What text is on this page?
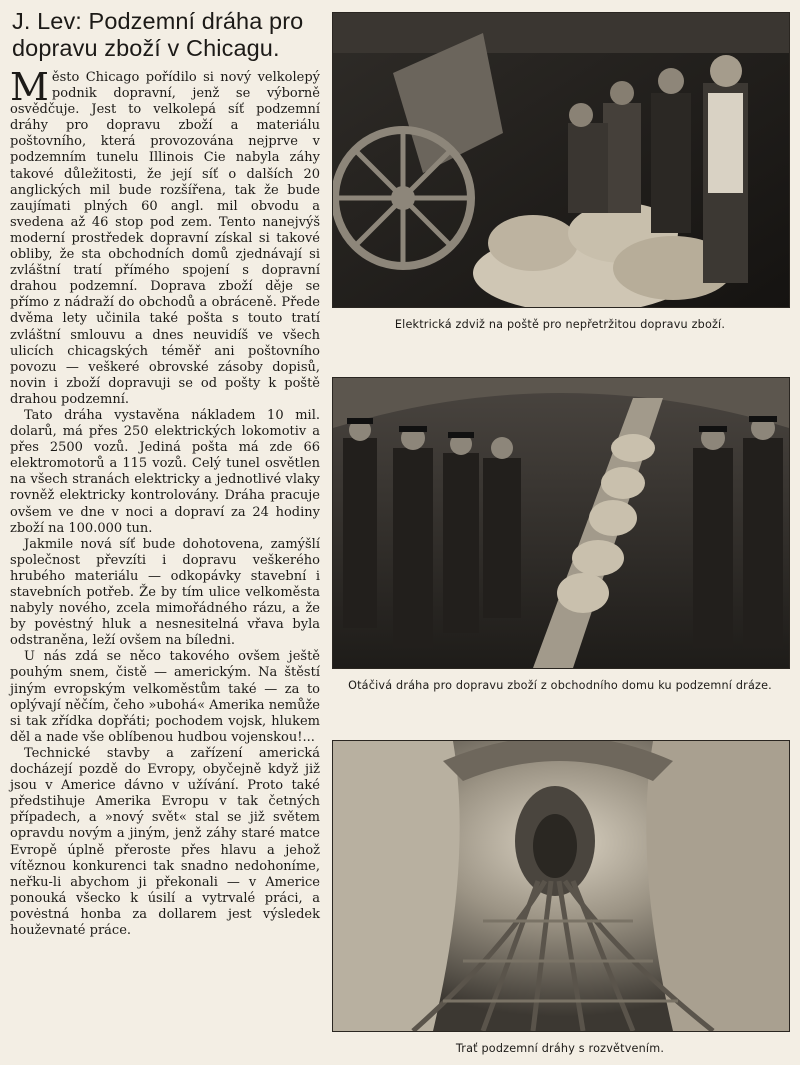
J. Lev: Podzemní dráha pro dopravu zboží v Chicagu.

Město Chicago pořídilo si nový velkolepý podnik dopravní, jenž se výborně osvědčuje. Jest to velkolepá síť podzemní dráhy pro dopravu zboží a materiálu poštovního, která provozována nejprve v podzemním tunelu Illinois Cie nabyla záhy takové důležitosti, že její síť o dalších 20 anglických mil bude rozšířena, tak že bude zaujímati plných 60 angl. mil obvodu a svedena až 46 stop pod zem. Tento nanejvýš moderní prostředek dopravní získal si takové obliby, že sta obchodních domů zjednávají si zvláštní tratí přímého spojení s dopravní drahou podzemní. Doprava zboží děje se přímo z nádraží do obchodů a obráceně. Přede dvěma lety učinila také pošta s touto tratí zvláštní smlouvu a dnes neuvidíš ve všech ulicích chicagských téměř ani poštovního povozu — veškeré obrovské zásoby dopisů, novin i zboží dopravuji se od pošty k poště drahou podzemní.

Tato dráha vystavěna nákladem 10 mil. dolarů, má přes 250 elektrických lokomotiv a přes 2500 vozů. Jediná pošta má zde 66 elektromotorů a 115 vozů. Celý tunel osvětlen na všech stranách elektricky a jednotlivé vlaky rovněž elektricky kontrolovány. Dráha pracuje ovšem ve dne v noci a dopraví za 24 hodiny zboží na 100.000 tun.

Jakmile nová síť bude dohotovena, zamýšlí společnost převzíti i dopravu veškerého hrubého materiálu — odkopávky stavební i stavebních potřeb. Že by tím ulice velkoměsta nabyly nového, zcela mimořádného rázu, a že by povėstný hluk a nesnesitelná vřava byla odstraněna, leží ovšem na bíledni.

U nás zdá se něco takového ovšem ještě pouhým snem, čistě — americkým. Na štěstí jiným evropským velkoměstům také — za to oplývají něčím, čeho »ubohá« Amerika nemůže si tak zřídka dopřáti; pochodem vojsk, hlukem děl a nade vše oblíbenou hudbou vojenskou!...

Technické stavby a zařízení americká docházejí pozdě do Evropy, obyčejně když již jsou v Americe dávno v užívání. Proto také předstihuje Amerika Evropu v tak četných případech, a »nový svět« stal se již světem opravdu novým a jiným, jenž záhy staré matce Evropě úplně přeroste přes hlavu a jehož vítěznou konkurenci tak snadno nedohoníme, neřku-li abychom ji překonali — v Americe ponouká všecko k úsilí a vytrvalé práci, a povėstná honba za dollarem jest výsledek houževnaté práce.

Elektrická zdviž na poště pro nepřetržitou dopravu zboží.
Otáčivá dráha pro dopravu zboží z obchodního domu ku podzemní dráze.
Trať podzemní dráhy s rozvětvením.
